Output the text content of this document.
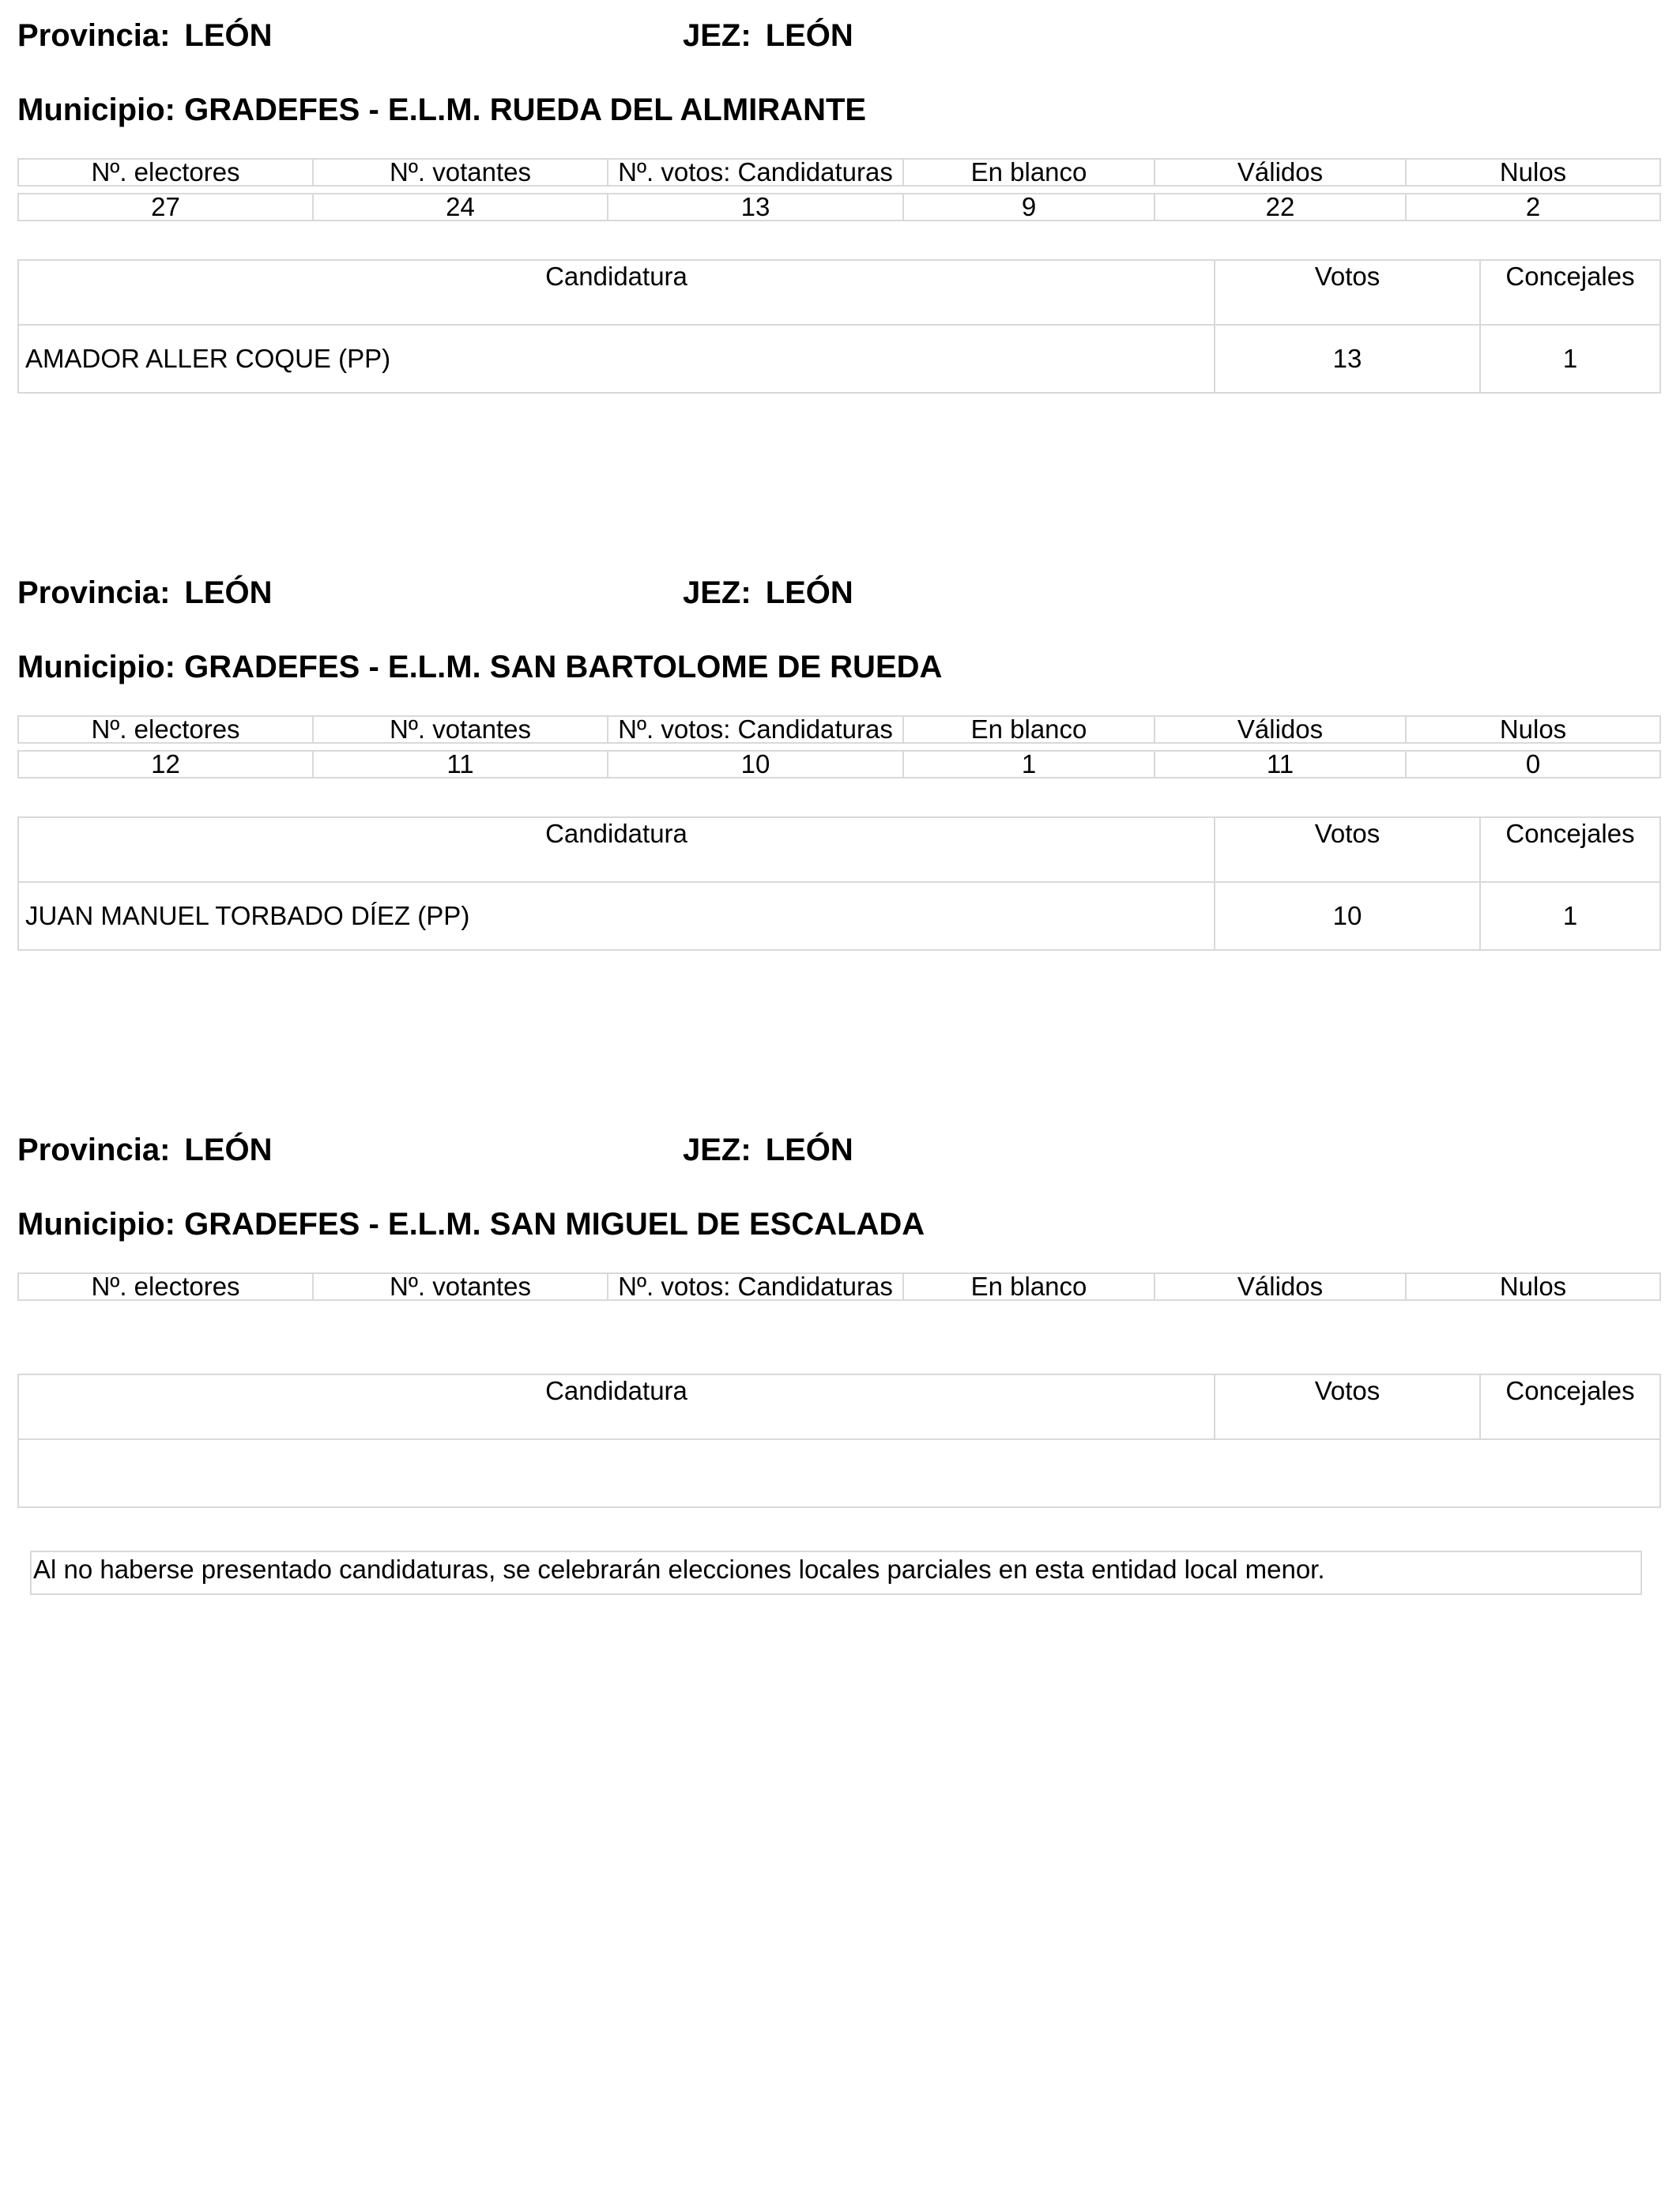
Provincia: LEÓN	JEZ: LEÓN
Municipio: GRADEFES - E.L.M. RUEDA DEL ALMIRANTE
Nº. electores	Nº. votantes	Nº. votos: Candidaturas	En blanco	Válidos	Nulos

27	24	13	9	22	2
Candidatura	Votos	Concejales
AMADOR ALLER COQUE (PP)	13	1
Provincia: LEÓN	JEZ: LEÓN
Municipio: GRADEFES - E.L.M. SAN BARTOLOME DE RUEDA
Nº. electores	Nº. votantes	Nº. votos: Candidaturas	En blanco	Válidos	Nulos

12	11	10	1	11	0
Candidatura	Votos	Concejales
JUAN MANUEL TORBADO DÍEZ (PP)	10	1
Provincia: LEÓN	JEZ: LEÓN
Municipio: GRADEFES - E.L.M. SAN MIGUEL DE ESCALADA
Nº. electores	Nº. votantes	Nº. votos: Candidaturas	En blanco	Válidos	Nulos
Candidatura	Votos	Concejales

Al no haberse presentado candidaturas, se celebrarán elecciones locales parciales en esta entidad local menor.
